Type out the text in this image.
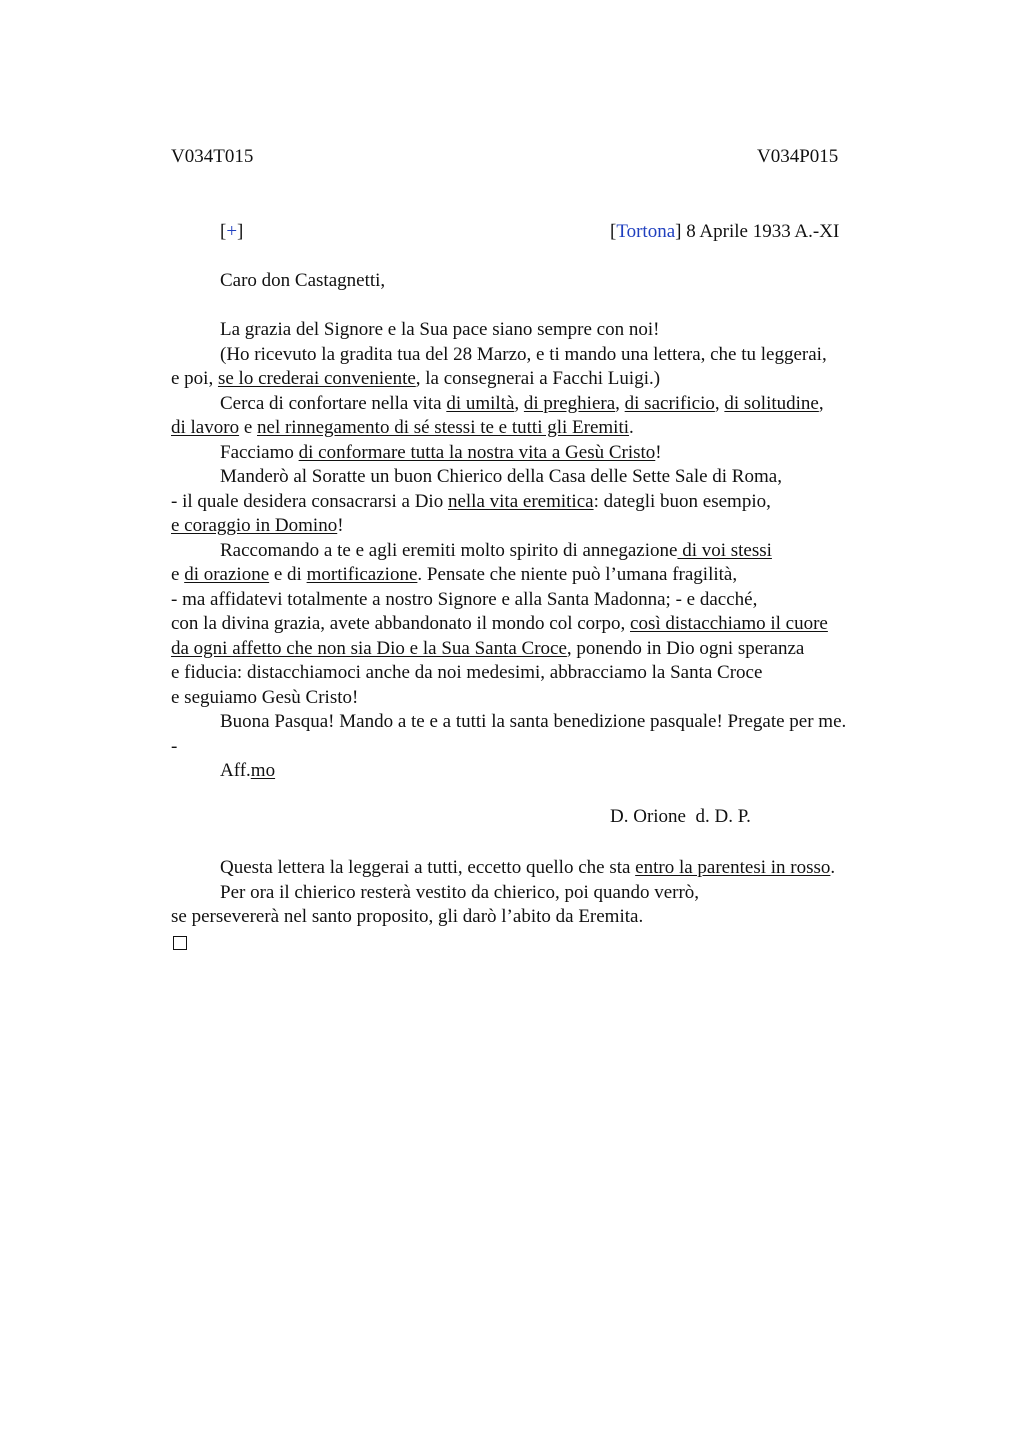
V034T015	V034P015
[+]	[Tortona] 8 Aprile 1933 A.-XI
Caro don Castagnetti,
La grazia del Signore e la Sua pace siano sempre con noi!
(Ho ricevuto la gradita tua del 28 Marzo, e ti mando una lettera, che tu leggerai,
e poi, se lo crederai conveniente, la consegnerai a Facchi Luigi.)
Cerca di confortare nella vita di umiltà, di preghiera, di sacrificio, di solitudine,
di lavoro e nel rinnegamento di sé stessi te e tutti gli Eremiti.
Facciamo di conformare tutta la nostra vita a Gesù Cristo!
Manderò al Soratte un buon Chierico della Casa delle Sette Sale di Roma,
- il quale desidera consacrarsi a Dio nella vita eremitica: dategli buon esempio,
e coraggio in Domino!
Raccomando a te e agli eremiti molto spirito di annegazione di voi stessi
e di orazione e di mortificazione. Pensate che niente può l’umana fragilità,
- ma affidatevi totalmente a nostro Signore e alla Santa Madonna; - e dacché,
con la divina grazia, avete abbandonato il mondo col corpo, così distacchiamo il cuore
da ogni affetto che non sia Dio e la Sua Santa Croce, ponendo in Dio ogni speranza
e fiducia: distacchiamoci anche da noi medesimi, abbracciamo la Santa Croce
e seguiamo Gesù Cristo!
Buona Pasqua! Mando a te e a tutti la santa benedizione pasquale! Pregate per me.
-
Aff.mo
D. Orione  d. D. P.
Questa lettera la leggerai a tutti, eccetto quello che sta entro la parentesi in rosso.
Per ora il chierico resterà vestito da chierico, poi quando verrò,
se persevererà nel santo proposito, gli darò l’abito da Eremita.
